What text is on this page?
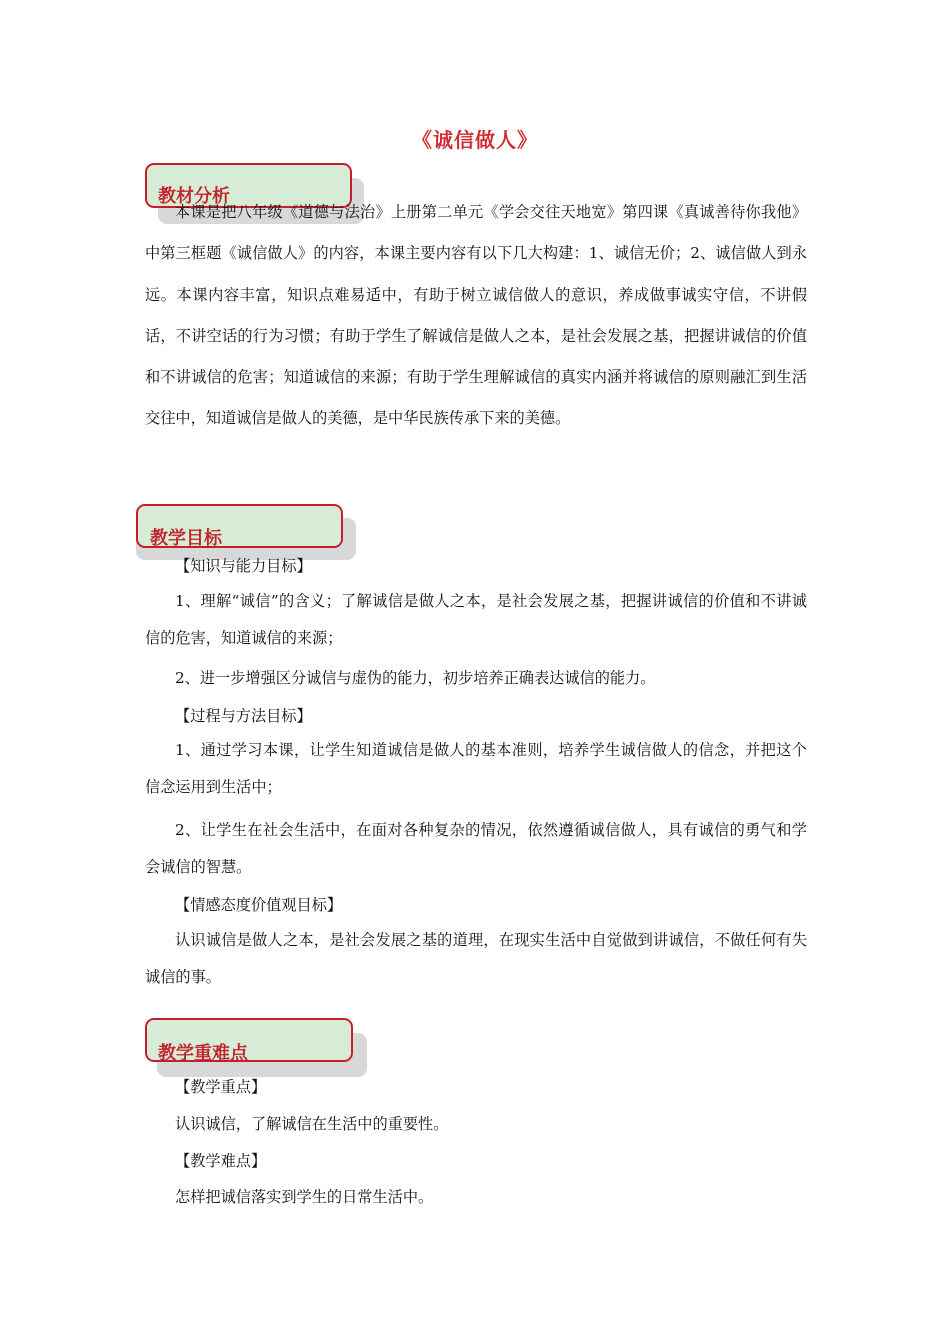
《诚信做人》
教材分析
本课是把八年级《道德与法治》上册第二单元《学会交往天地宽》第四课《真诚善待你我他》中第三框题《诚信做人》的内容，本课主要内容有以下几大构建：1、诚信无价；2、诚信做人到永远。本课内容丰富，知识点难易适中，有助于树立诚信做人的意识，养成做事诚实守信，不讲假话，不讲空话的行为习惯；有助于学生了解诚信是做人之本，是社会发展之基，把握讲诚信的价值和不讲诚信的危害；知道诚信的来源；有助于学生理解诚信的真实内涵并将诚信的原则融汇到生活交往中，知道诚信是做人的美德，是中华民族传承下来的美德。
教学目标
【知识与能力目标】
1、理解“诚信”的含义；了解诚信是做人之本，是社会发展之基，把握讲诚信的价值和不讲诚信的危害，知道诚信的来源；
2、进一步增强区分诚信与虚伪的能力，初步培养正确表达诚信的能力。
【过程与方法目标】
1、通过学习本课，让学生知道诚信是做人的基本准则，培养学生诚信做人的信念，并把这个信念运用到生活中；
2、让学生在社会生活中，在面对各种复杂的情况，依然遵循诚信做人，具有诚信的勇气和学会诚信的智慧。
【情感态度价值观目标】
认识诚信是做人之本，是社会发展之基的道理，在现实生活中自觉做到讲诚信，不做任何有失诚信的事。
教学重难点
【教学重点】
认识诚信，了解诚信在生活中的重要性。
【教学难点】
怎样把诚信落实到学生的日常生活中。
